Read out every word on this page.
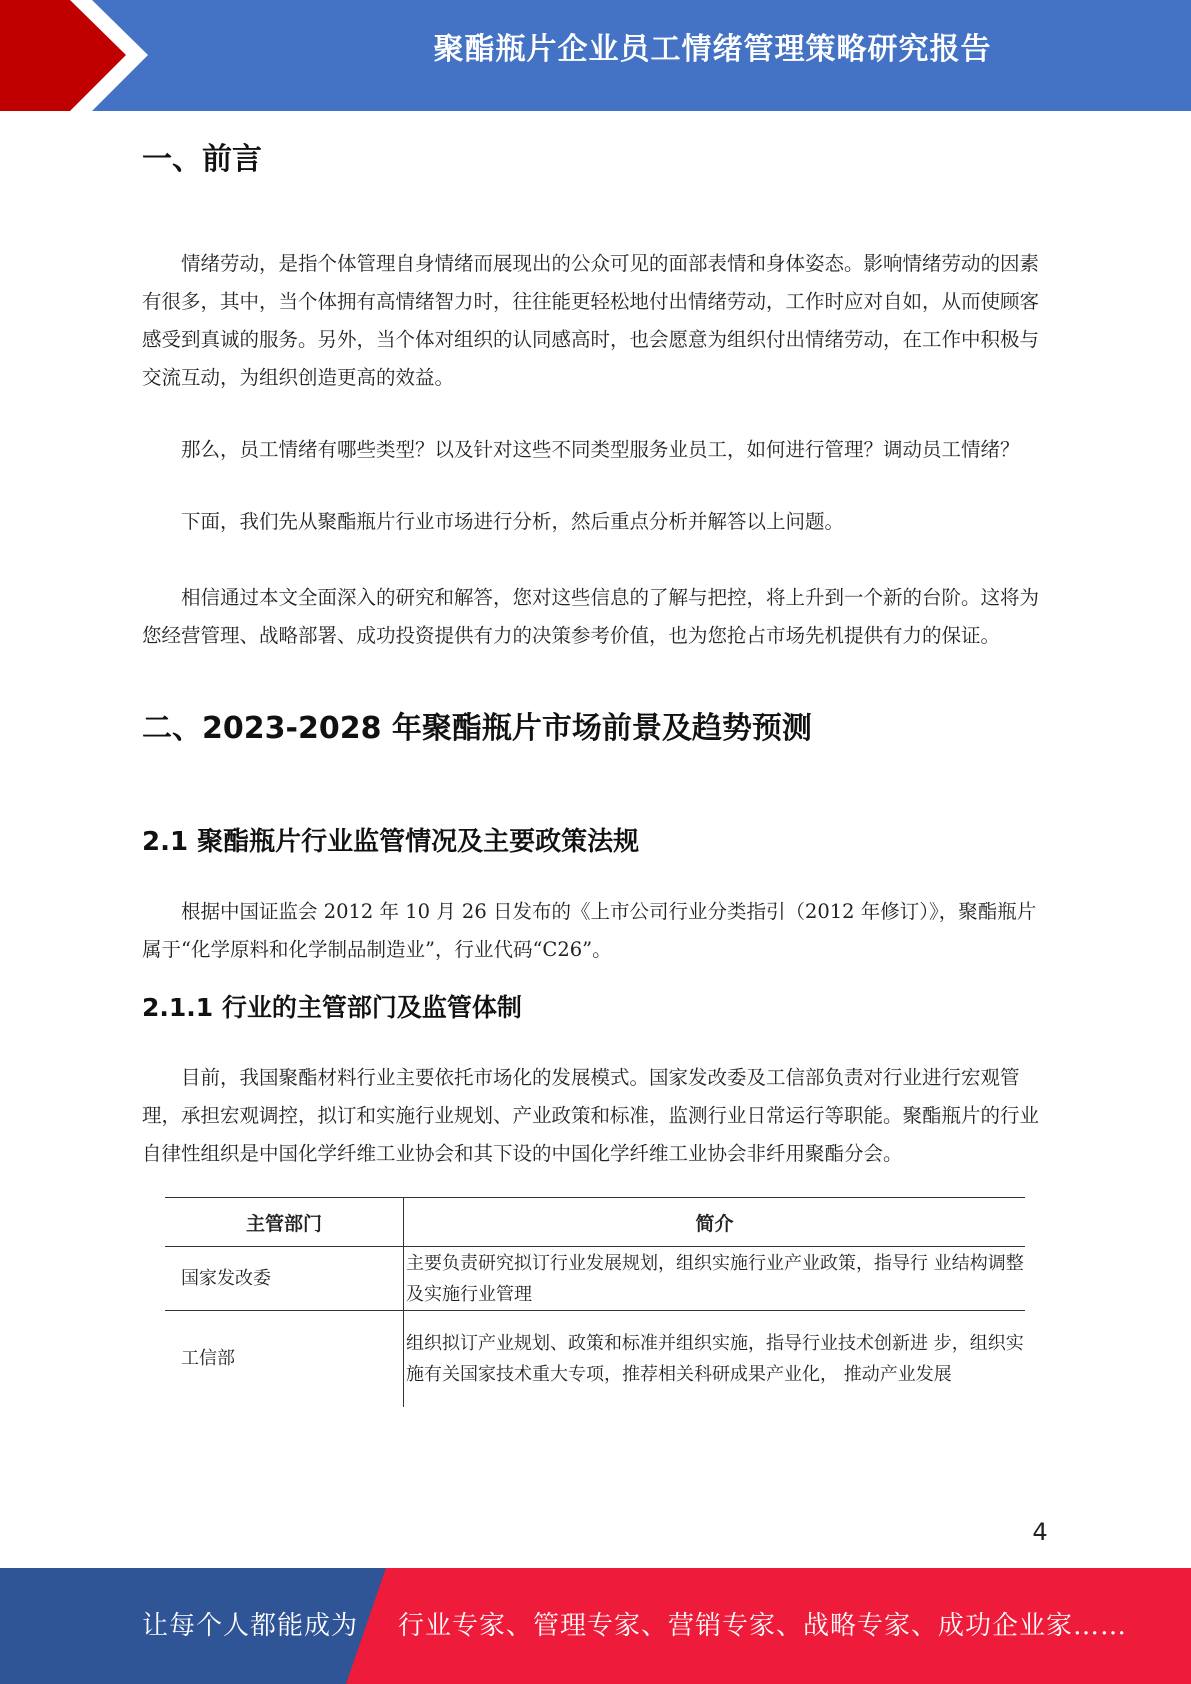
聚酯瓶片企业员工情绪管理策略研究报告
一、前言

情绪劳动，是指个体管理自身情绪而展现出的公众可见的面部表情和身体姿态。影响情绪劳动的因素有很多，其中，当个体拥有高情绪智力时，往往能更轻松地付出情绪劳动，工作时应对自如，从而使顾客感受到真诚的服务。另外，当个体对组织的认同感高时，也会愿意为组织付出情绪劳动，在工作中积极与交流互动，为组织创造更高的效益。

那么，员工情绪有哪些类型？以及针对这些不同类型服务业员工，如何进行管理？调动员工情绪？

下面，我们先从聚酯瓶片行业市场进行分析，然后重点分析并解答以上问题。

相信通过本文全面深入的研究和解答，您对这些信息的了解与把控，将上升到一个新的台阶。这将为您经营管理、战略部署、成功投资提供有力的决策参考价值，也为您抢占市场先机提供有力的保证。

二、2023-2028 年聚酯瓶片市场前景及趋势预测
2.1 聚酯瓶片行业监管情况及主要政策法规

根据中国证监会 2012 年 10 月 26 日发布的《上市公司行业分类指引（2012 年修订）》，聚酯瓶片属于“化学原料和化学制品制造业”，行业代码“C26”。

2.1.1 行业的主管部门及监管体制

目前，我国聚酯材料行业主要依托市场化的发展模式。国家发改委及工信部负责对行业进行宏观管理，承担宏观调控，拟订和实施行业规划、产业政策和标准，监测行业日常运行等职能。聚酯瓶片的行业自律性组织是中国化学纤维工业协会和其下设的中国化学纤维工业协会非纤用聚酯分会。

主管部门	简介
国家发改委	主要负责研究拟订行业发展规划，组织实施行业产业政策，指导行 业结构调整及实施行业管理
工信部	组织拟订产业规划、政策和标准并组织实施，指导行业技术创新进 步，组织实施有关国家技术重大专项，推荐相关科研成果产业化， 推动产业发展
4
让每个人都能成为 行业专家、管理专家、营销专家、战略专家、成功企业家……
